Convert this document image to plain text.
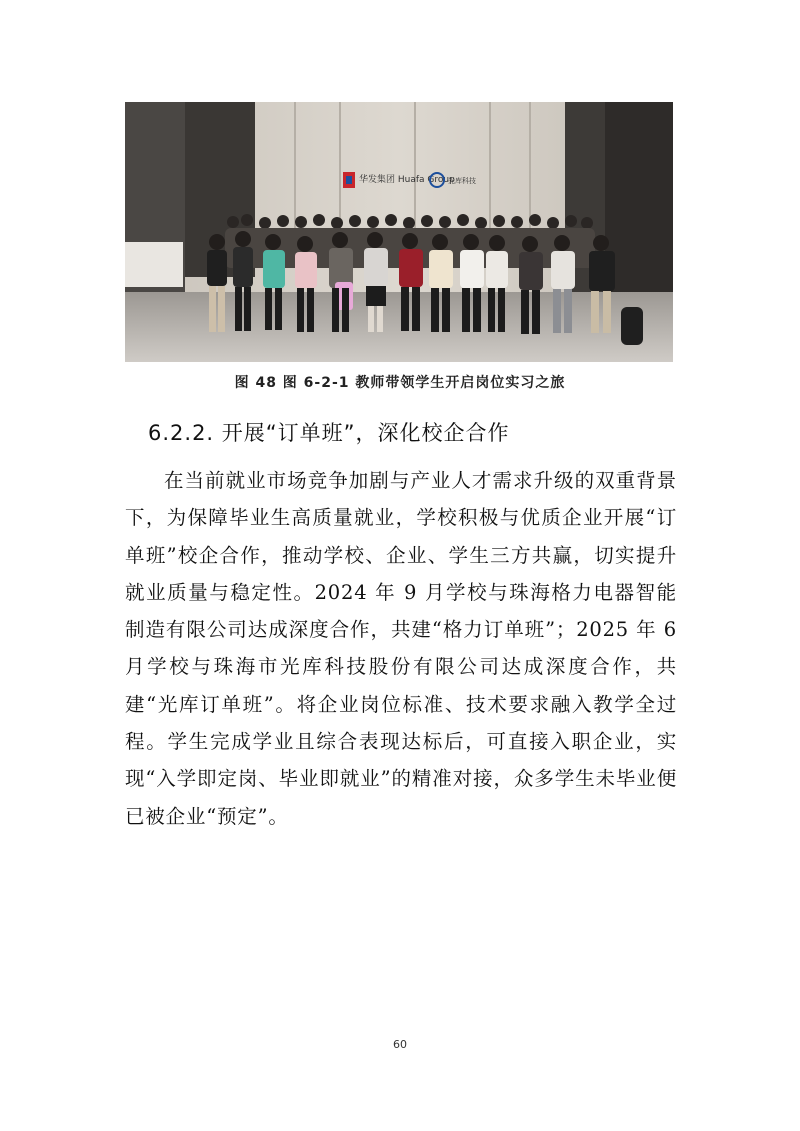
华发集团 Huafa Group
光库科技
图 48 图 6-2-1 教师带领学生开启岗位实习之旅
6.2.2. 开展“订单班”，深化校企合作

在当前就业市场竞争加剧与产业人才需求升级的双重背景下，为保障毕业生高质量就业，学校积极与优质企业开展“订单班”校企合作，推动学校、企业、学生三方共赢，切实提升就业质量与稳定性。2024 年 9 月学校与珠海格力电器智能制造有限公司达成深度合作，共建“格力订单班”；2025 年 6 月学校与珠海市光库科技股份有限公司达成深度合作，共建“光库订单班”。将企业岗位标准、技术要求融入教学全过程。学生完成学业且综合表现达标后，可直接入职企业，实现“入学即定岗、毕业即就业”的精准对接，众多学生未毕业便已被企业“预定”。

60
